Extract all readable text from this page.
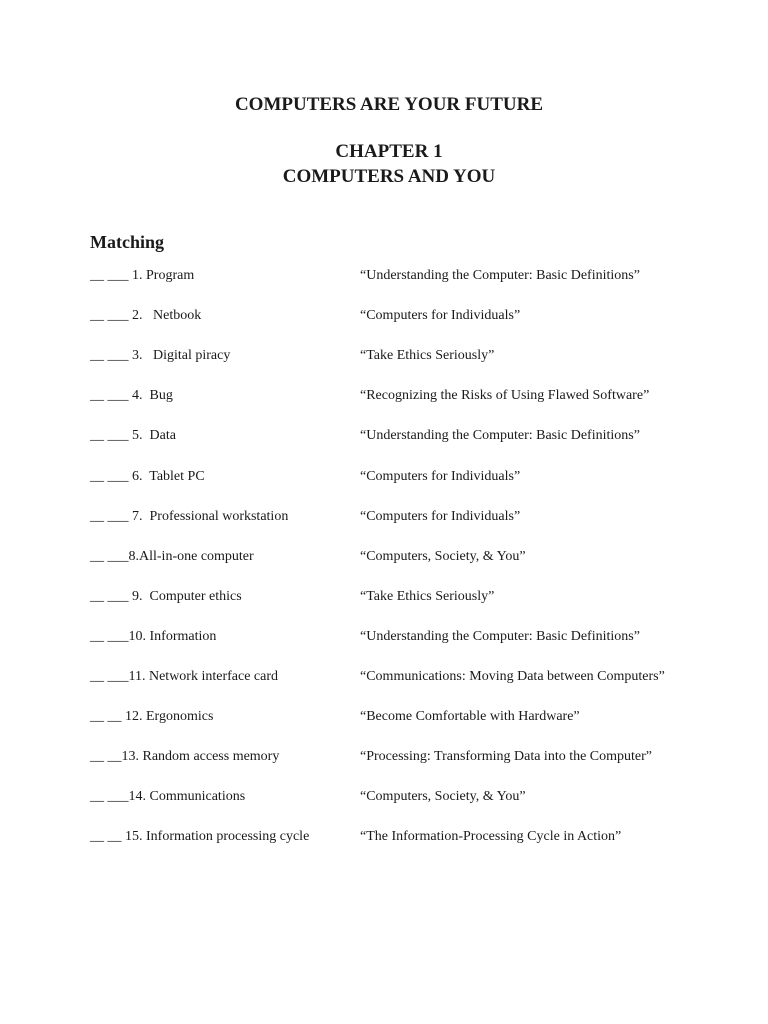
COMPUTERS ARE YOUR FUTURE
CHAPTER 1
COMPUTERS AND YOU
Matching
__ ___ 1. Program	“Understanding the Computer: Basic Definitions”
__ ___ 2.   Netbook	“Computers for Individuals”
__ ___ 3.   Digital piracy	“Take Ethics Seriously”
__ ___ 4.  Bug	“Recognizing the Risks of Using Flawed Software”
__ ___ 5.  Data	“Understanding the Computer: Basic Definitions”
__ ___ 6.  Tablet PC	“Computers for Individuals”
__ ___ 7.  Professional workstation	“Computers for Individuals”
__ ___8.All-in-one computer	“Computers, Society, & You”
__ ___ 9.  Computer ethics	“Take Ethics Seriously”
__ ___10. Information	“Understanding the Computer: Basic Definitions”
__ ___11. Network interface card	“Communications: Moving Data between Computers”
__ __ 12. Ergonomics	“Become Comfortable with Hardware”
__ __13. Random access memory	“Processing: Transforming Data into the Computer”
__ ___14. Communications	“Computers, Society, & You”
__ __ 15. Information processing cycle	“The Information-Processing Cycle in Action”
